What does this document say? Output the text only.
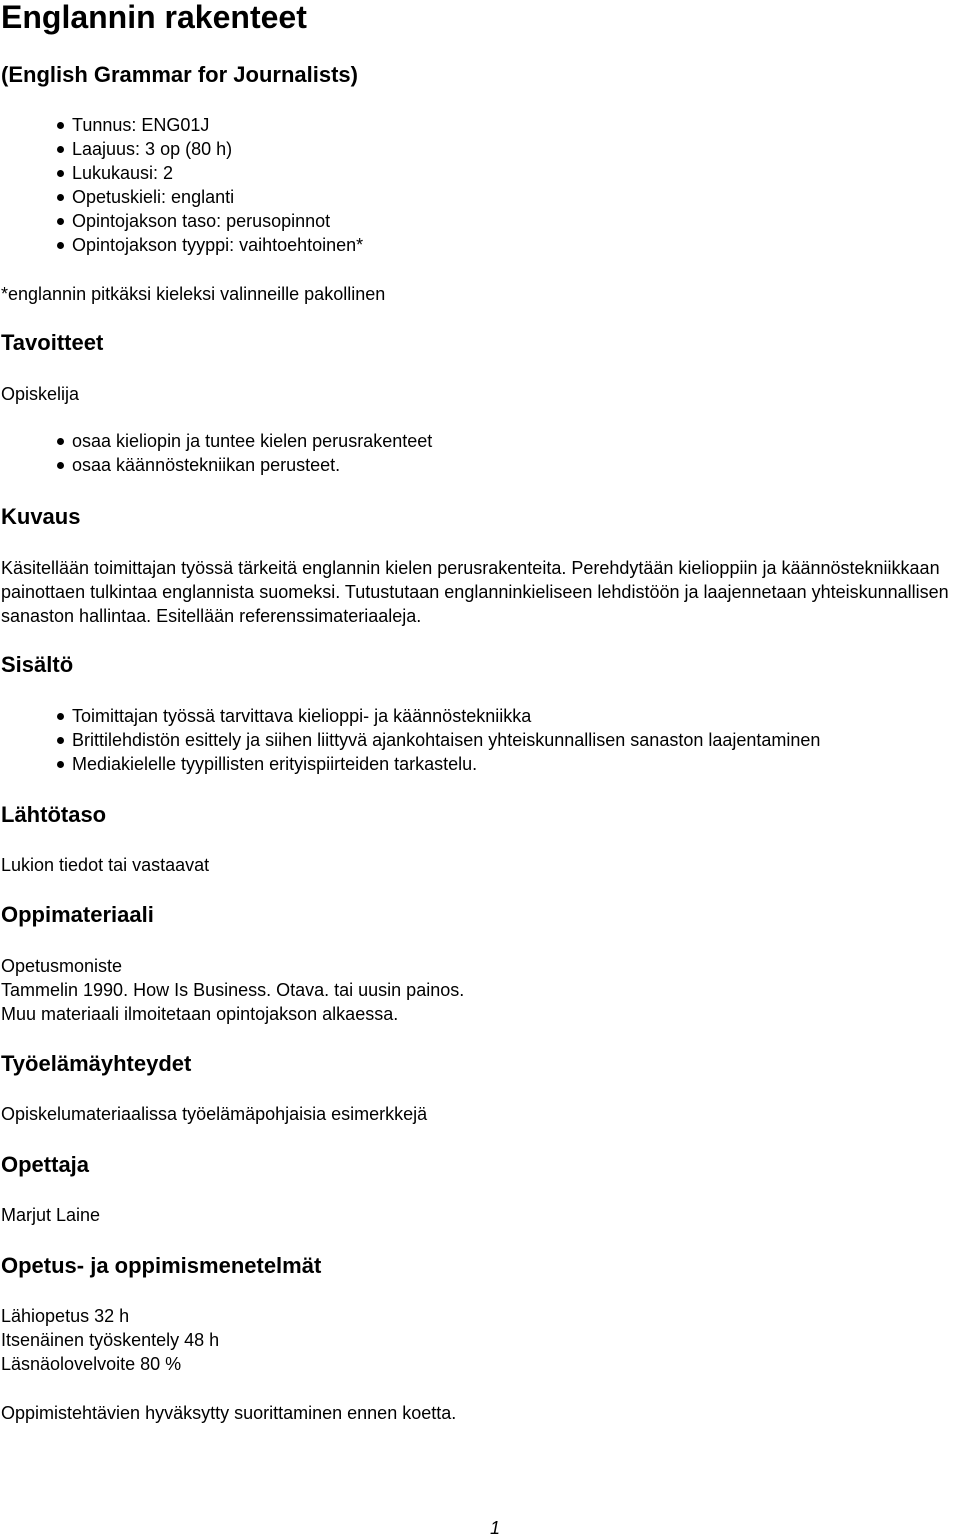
Englannin rakenteet
(English Grammar for Journalists)
Tunnus: ENG01J
Laajuus: 3 op (80 h)
Lukukausi: 2
Opetuskieli: englanti
Opintojakson taso: perusopinnot
Opintojakson tyyppi: vaihtoehtoinen*

*englannin pitkäksi kieleksi valinneille pakollinen

Tavoitteet

Opiskelija

osaa kieliopin ja tuntee kielen perusrakenteet
osaa käännöstekniikan perusteet.
Kuvaus

Käsitellään toimittajan työssä tärkeitä englannin kielen perusrakenteita. Perehdytään kielioppiin ja käännöstekniikkaan painottaen tulkintaa englannista suomeksi. Tutustutaan englanninkieliseen lehdistöön ja laajennetaan yhteiskunnallisen sanaston hallintaa. Esitellään referenssimateriaaleja.

Sisältö
Toimittajan työssä tarvittava kielioppi- ja käännöstekniikka
Brittilehdistön esittely ja siihen liittyvä ajankohtaisen yhteiskunnallisen sanaston laajentaminen
Mediakielelle tyypillisten erityispiirteiden tarkastelu.
Lähtötaso

Lukion tiedot tai vastaavat

Oppimateriaali

Opetusmoniste

Tammelin 1990. How Is Business. Otava. tai uusin painos.

Muu materiaali ilmoitetaan opintojakson alkaessa.

Työelämäyhteydet

Opiskelumateriaalissa työelämäpohjaisia esimerkkejä

Opettaja

Marjut Laine

Opetus- ja oppimismenetelmät

Lähiopetus 32 h

Itsenäinen työskentely 48 h

Läsnäolovelvoite 80 %

Oppimistehtävien hyväksytty suorittaminen ennen koetta.

1
